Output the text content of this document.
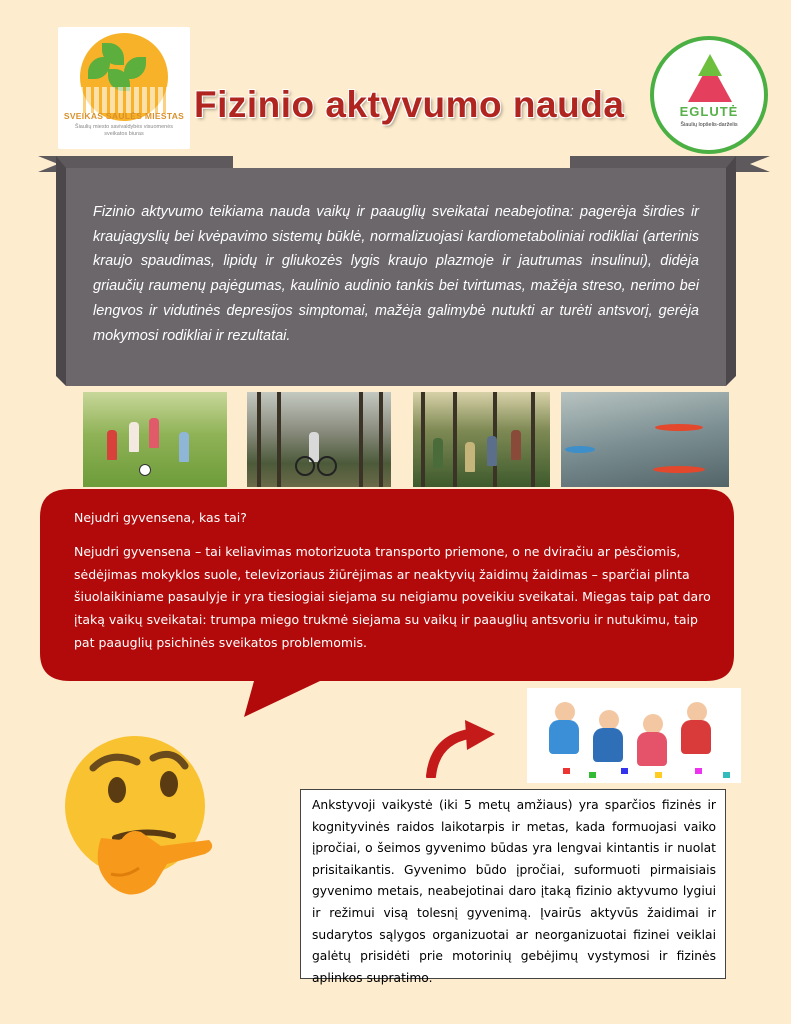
SVEIKAS SAULĖS MIESTAS
Šiaulių miesto savivaldybės visuomenės sveikatos biuras
Fizinio aktyvumo nauda	EGLUTĖ
Šiaulių lopšelis-darželis
Fizinio aktyvumo teikiama nauda vaikų ir paauglių sveikatai neabejotina: pagerėja širdies ir kraujagyslių bei kvėpavimo sistemų būklė, normalizuojasi kardiometaboliniai rodikliai (arterinis kraujo spaudimas, lipidų ir gliukozės lygis kraujo plazmoje ir jautrumas insulinui), didėja griaučių raumenų pajėgumas, kaulinio audinio tankis bei tvirtumas, mažėja streso, nerimo bei lengvos ir vidutinės depresijos simptomai, mažėja galimybė nutukti ar turėti antsvorį, gerėja mokymosi rodikliai ir rezultatai.
Nejudri gyvensena, kas tai?
Nejudri gyvensena – tai keliavimas motorizuota transporto priemone, o ne dviračiu ar pėsčiomis, sėdėjimas mokyklos suole, televizoriaus žiūrėjimas ar neaktyvių žaidimų žaidimas – sparčiai plinta šiuolaikiniame pasaulyje ir yra tiesiogiai siejama su neigiamu poveikiu sveikatai. Miegas taip pat daro įtaką vaikų sveikatai: trumpa miego trukmė siejama su vaikų ir paauglių antsvoriu ir nutukimu, taip pat paauglių psichinės sveikatos problemomis.
Ankstyvoji vaikystė (iki 5 metų amžiaus) yra sparčios fizinės ir kognityvinės raidos laikotarpis ir metas, kada formuojasi vaiko įpročiai, o šeimos gyvenimo būdas yra lengvai kintantis ir nuolat prisitaikantis. Gyvenimo būdo įpročiai, suformuoti pirmaisiais gyvenimo metais, neabejotinai daro įtaką fizinio aktyvumo lygiui ir režimui visą tolesnį gyvenimą. Įvairūs aktyvūs žaidimai ir sudarytos sąlygos organizuotai ar neorganizuotai fizinei veiklai galėtų prisidėti prie motorinių gebėjimų vystymosi ir fizinės aplinkos supratimo.
